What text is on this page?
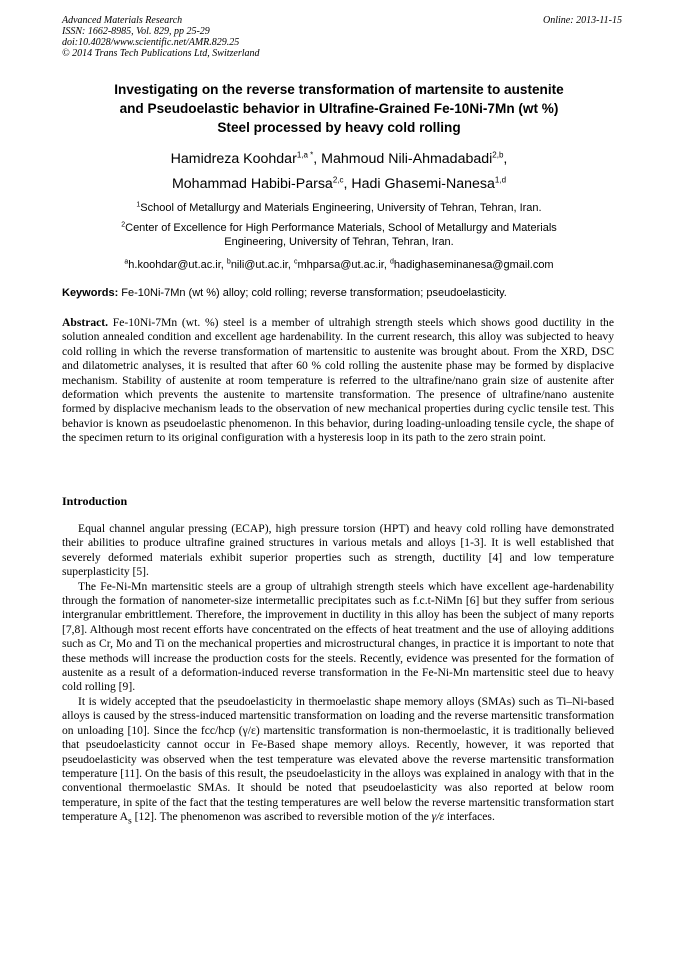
Advanced Materials Research
ISSN: 1662-8985, Vol. 829, pp 25-29
doi:10.4028/www.scientific.net/AMR.829.25
© 2014 Trans Tech Publications Ltd, Switzerland
Online: 2013-11-15
Investigating on the reverse transformation of martensite to austenite
and Pseudoelastic behavior in Ultrafine-Grained Fe-10Ni-7Mn (wt %)
Steel processed by heavy cold rolling
Hamidreza Koohdar$^{1,a *}$, Mahmoud Nili-Ahmadabadi$^{2,b}$,
Mohammad Habibi-Parsa$^{2,c}$, Hadi Ghasemi-Nanesa$^{1,d}$
$^1$School of Metallurgy and Materials Engineering, University of Tehran, Tehran, Iran.
$^2$Center of Excellence for High Performance Materials, School of Metallurgy and Materials
Engineering, University of Tehran, Tehran, Iran.
$^a$h.koohdar@ut.ac.ir, $^b$nili@ut.ac.ir, $^c$mhparsa@ut.ac.ir, $^d$hadighaseminanesa@gmail.com
Keywords: Fe-10Ni-7Mn (wt %) alloy; cold rolling; reverse transformation; pseudoelasticity.

Abstract. Fe-10Ni-7Mn (wt. %) steel is a member of ultrahigh strength steels which shows good ductility in the solution annealed condition and excellent age hardenability. In the current research, this alloy was subjected to heavy cold rolling in which the reverse transformation of martensitic to austenite was brought about. From the XRD, DSC and dilatometric analyses, it is resulted that after 60 % cold rolling the austenite phase may be formed by displacive mechanism. Stability of austenite at room temperature is referred to the ultrafine/nano grain size of austenite after deformation which prevents the austenite to martensite transformation. The presence of ultrafine/nano austenite formed by displacive mechanism leads to the observation of new mechanical properties during cyclic tensile test. This behavior is known as pseudoelastic phenomenon. In this behavior, during loading-unloading tensile cycle, the shape of the specimen return to its original configuration with a hysteresis loop in its path to the zero strain point.

Introduction

Equal channel angular pressing (ECAP), high pressure torsion (HPT) and heavy cold rolling have demonstrated their abilities to produce ultrafine grained structures in various metals and alloys [1-3]. It is well established that severely deformed materials exhibit superior properties such as strength, ductility [4] and low temperature superplasticity [5].

The Fe-Ni-Mn martensitic steels are a group of ultrahigh strength steels which have excellent age-hardenability through the formation of nanometer-size intermetallic precipitates such as f.c.t-NiMn [6] but they suffer from serious intergranular embrittlement. Therefore, the improvement in ductility in this alloy has been the subject of many reports [7,8]. Although most recent efforts have concentrated on the effects of heat treatment and the use of alloying additions such as Cr, Mo and Ti on the mechanical properties and microstructural changes, in practice it is important to note that these methods will increase the production costs for the steels. Recently, evidence was presented for the formation of austenite as a result of a deformation-induced reverse transformation in the Fe-Ni-Mn martensitic steel due to heavy cold rolling [9].

It is widely accepted that the pseudoelasticity in thermoelastic shape memory alloys (SMAs) such as Ti–Ni-based alloys is caused by the stress-induced martensitic transformation on loading and the reverse martensitic transformation on unloading [10]. Since the fcc/hcp (γ/ε) martensitic transformation is non-thermoelastic, it is traditionally believed that pseudoelasticity cannot occur in Fe-Based shape memory alloys. Recently, however, it was reported that pseudoelasticity was observed when the test temperature was elevated above the reverse martensitic transformation temperature [11]. On the basis of this result, the pseudoelasticity in the alloys was explained in analogy with that in the conventional thermoelastic SMAs. It should be noted that pseudoelasticity was also reported at below room temperature, in spite of the fact that the testing temperatures are well below the reverse martensitic transformation start temperature $A_s$ [12]. The phenomenon was ascribed to reversible motion of the γ/ε interfaces.
